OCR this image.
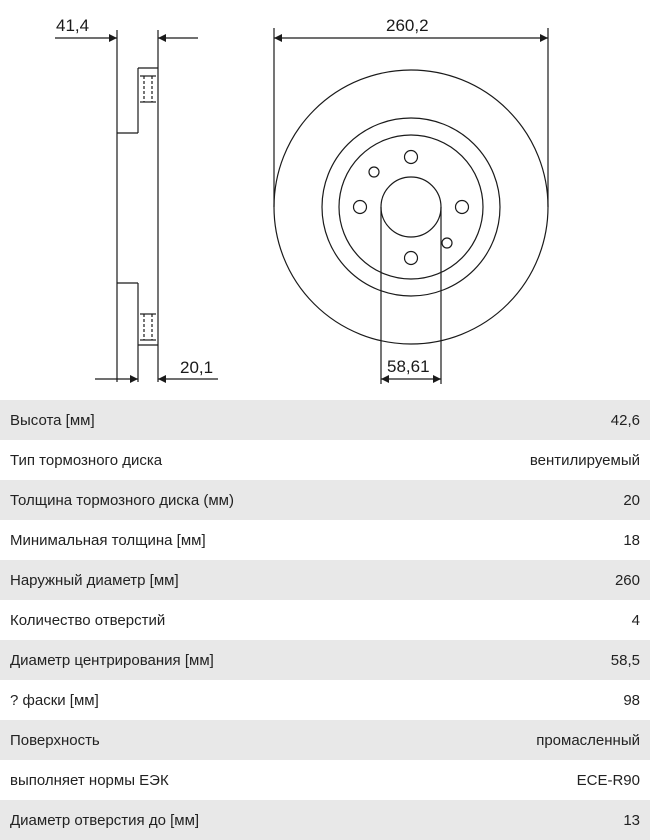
41,4
20,1
260,2
58,61
Высота [мм]	42,6
Тип тормозного диска	вентилируемый
Толщина тормозного диска (мм)	20
Минимальная толщина [мм]	18
Наружный диаметр [мм]	260
Количество отверстий	4
Диаметр центрирования [мм]	58,5
? фаски [мм]	98
Поверхность	промасленный
выполняет нормы ЕЭК	ECE-R90
Диаметр отверстия до [мм]	13
